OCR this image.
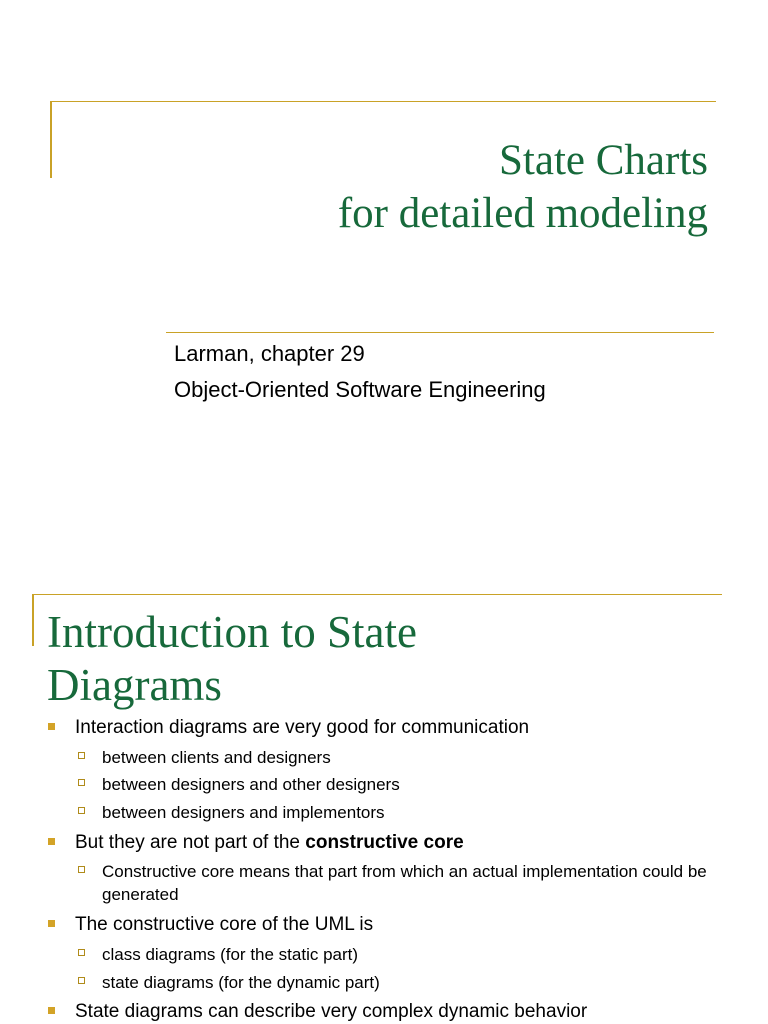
State Charts
for detailed modeling
Larman, chapter 29
Object-Oriented Software Engineering
Introduction to State
Diagrams
Interaction diagrams are very good for communication
between clients and designers
between designers and other designers
between designers and implementors
But they are not part of the constructive core
Constructive core means that part from which an actual implementation could be generated
The constructive core of the UML is
class diagrams (for the static part)
state diagrams (for the dynamic part)
State diagrams can describe very complex dynamic behavior
